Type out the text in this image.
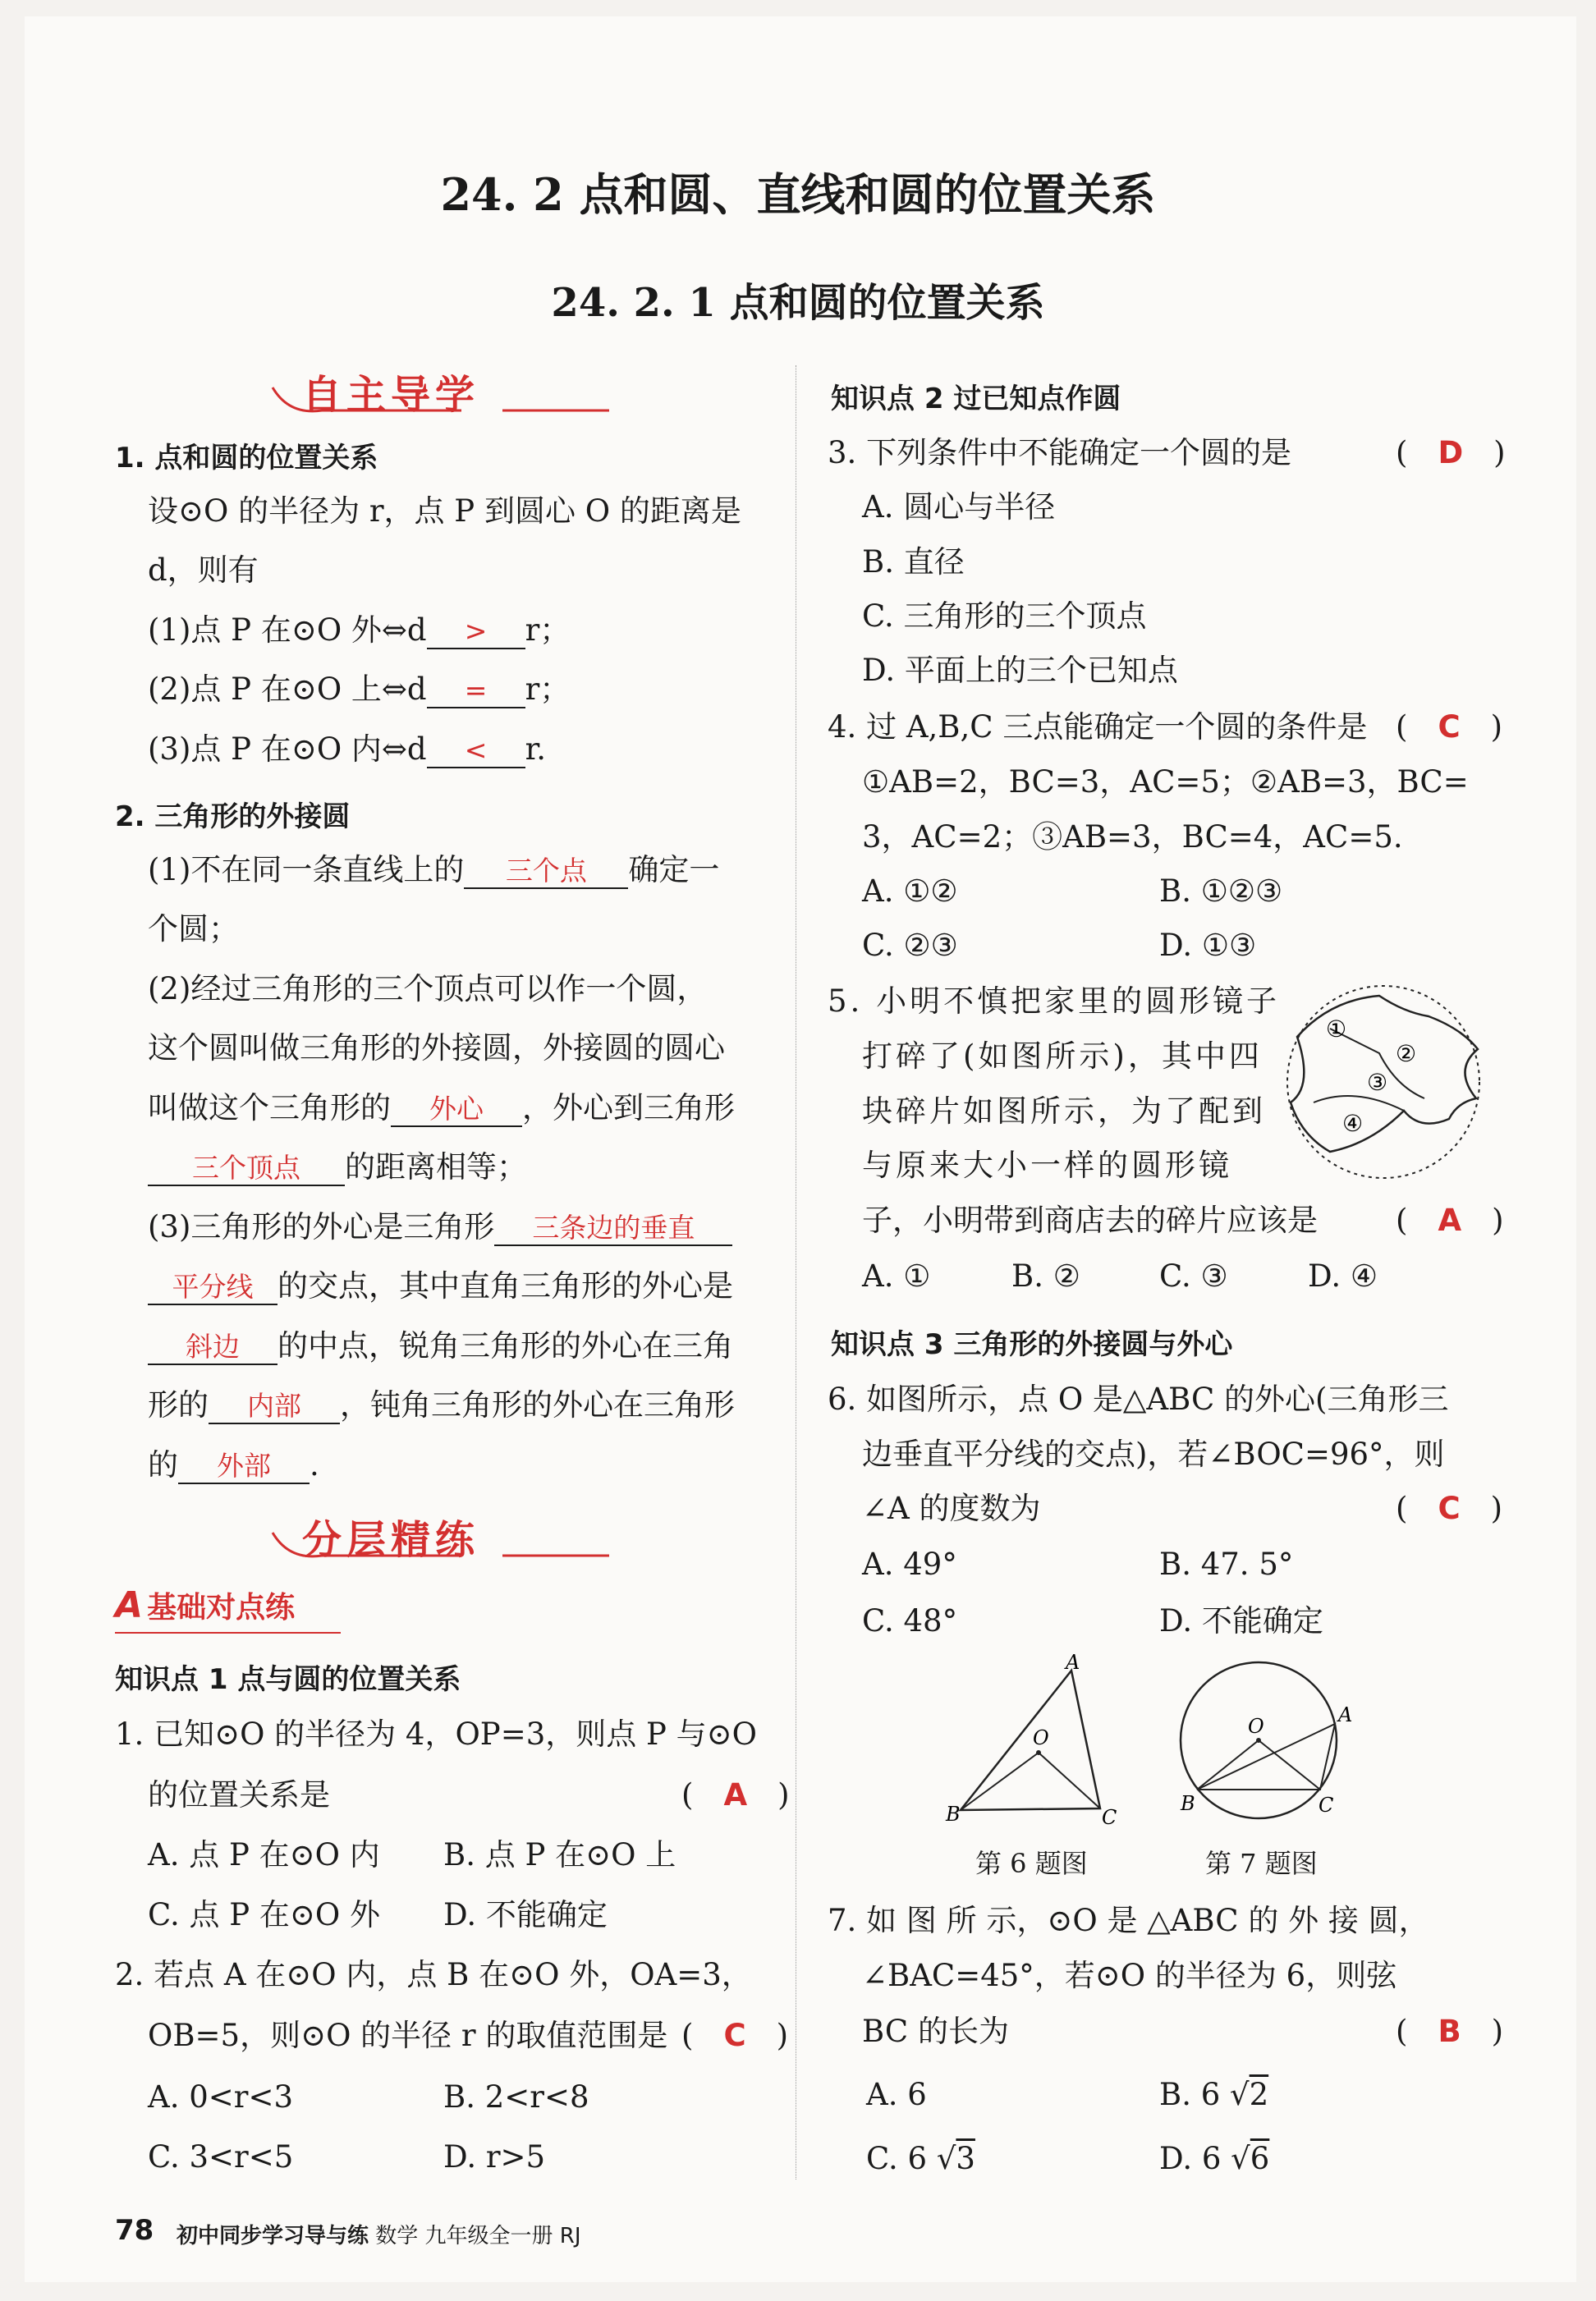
24. 2 点和圆、直线和圆的位置关系
24. 2. 1 点和圆的位置关系
自主导学
1. 点和圆的位置关系
设⊙O 的半径为 r，点 P 到圆心 O 的距离是
d，则有
(1)点 P 在⊙O 外⇔d > r；
(2)点 P 在⊙O 上⇔d = r；
(3)点 P 在⊙O 内⇔d < r.
2. 三角形的外接圆
(1)不在同一条直线上的 三个点 确定一
个圆；
(2)经过三角形的三个顶点可以作一个圆，
这个圆叫做三角形的外接圆，外接圆的圆心
叫做这个三角形的 外心 ，外心到三角形
三个顶点 的距离相等；
(3)三角形的外心是三角形 三条边的垂直
平分线 的交点，其中直角三角形的外心是
斜边 的中点，锐角三角形的外心在三角
形的 内部 ，钝角三角形的外心在三角形
的 外部 .
分层精练
A 基础对点练
知识点 1 点与圆的位置关系
1. 已知⊙O 的半径为 4，OP=3，则点 P 与⊙O
的位置关系是	(　A　)
A. 点 P 在⊙O 内 B. 点 P 在⊙O 上
C. 点 P 在⊙O 外 D. 不能确定
2. 若点 A 在⊙O 内，点 B 在⊙O 外，OA=3，
OB=5，则⊙O 的半径 r 的取值范围是 (　C　)
A. 0<r<3	B. 2<r<8
C. 3<r<5	D. r>5
知识点 2 过已知点作圆
3. 下列条件中不能确定一个圆的是	(　D　)
A. 圆心与半径
B. 直径
C. 三角形的三个顶点
D. 平面上的三个已知点
4. 过 A,B,C 三点能确定一个圆的条件是 (　C　)
①AB=2，BC=3，AC=5；②AB=3，BC=
3，AC=2；③AB=3，BC=4，AC=5.
A. ①②	B. ①②③
C. ②③	D. ①③
5. 小明不慎把家里的圆形镜子
打碎了(如图所示)，其中四
块碎片如图所示，为了配到
与原来大小一样的圆形镜
子，小明带到商店去的碎片应该是	(　A　)
A. ①	B. ②	C. ③	D. ④
①
②
③
④
知识点 3 三角形的外接圆与外心
6. 如图所示，点 O 是△ABC 的外心(三角形三
边垂直平分线的交点)，若∠BOC=96°，则
∠A 的度数为	(　C　)
A. 49°	B. 47. 5°
C. 48°	D. 不能确定
A
B	C
O
第 6 题图
A
B	C
O
第 7 题图
7. 如 图 所 示，⊙O 是 △ABC 的 外 接 圆，
∠BAC=45°，若⊙O 的半径为 6，则弦
BC 的长为	(　B　)
A. 6	B. 6 √2
C. 6 √3	D. 6 √6
78 初中同步学习导与练 数学 九年级全一册 RJ
